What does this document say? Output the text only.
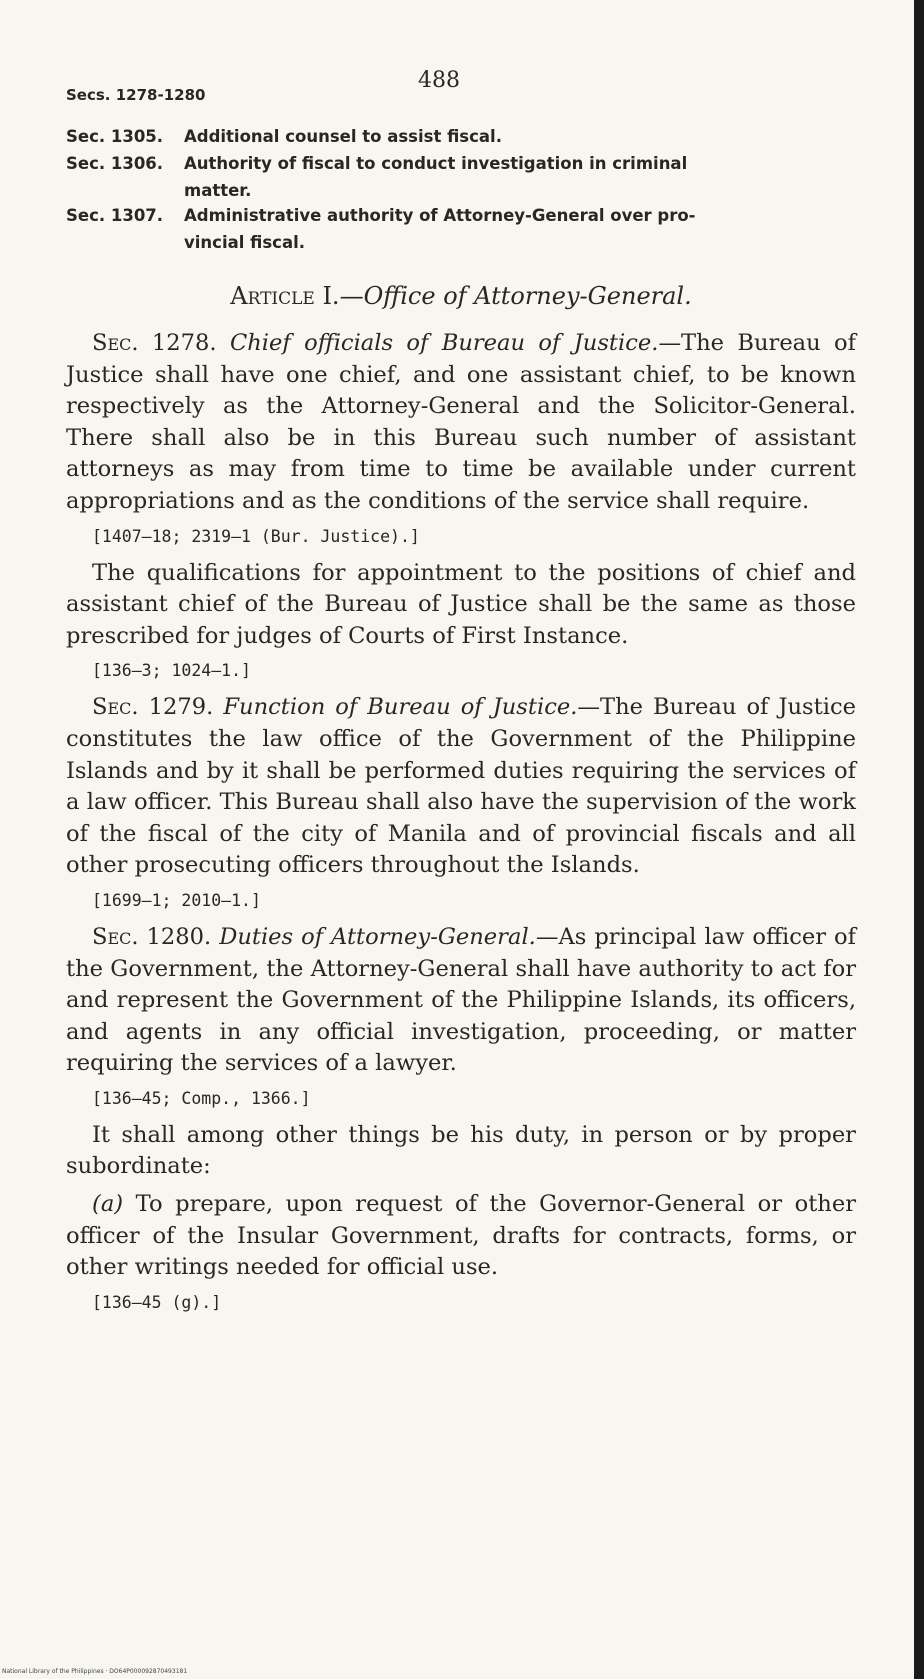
Secs. 1278-1280
488
Sec. 1305.	Additional counsel to assist fiscal.
Sec. 1306.	Authority of fiscal to conduct investigation in criminal
matter.
Sec. 1307.	Administrative authority of Attorney-General over pro-
vincial fiscal.
Article I.—Office of Attorney-General.

Sec. 1278. Chief officials of Bureau of Justice.—The Bureau of Justice shall have one chief, and one assistant chief, to be known respectively as the Attorney-General and the Solicitor-General. There shall also be in this Bureau such number of assistant attorneys as may from time to time be available under current appropriations and as the conditions of the service shall require.

[1407—18; 2319—1 (Bur. Justice).]

The qualifications for appointment to the positions of chief and assistant chief of the Bureau of Justice shall be the same as those prescribed for judges of Courts of First Instance.

[136—3; 1024—1.]

Sec. 1279. Function of Bureau of Justice.—The Bureau of Justice constitutes the law office of the Government of the Philippine Islands and by it shall be performed duties requiring the services of a law officer. This Bureau shall also have the supervision of the work of the fiscal of the city of Manila and of provincial fiscals and all other prosecuting officers throughout the Islands.

[1699—1; 2010—1.]

Sec. 1280. Duties of Attorney-General.—As principal law officer of the Government, the Attorney-General shall have authority to act for and represent the Government of the Philippine Islands, its officers, and agents in any official investigation, proceeding, or matter requiring the services of a lawyer.

[136—45; Comp., 1366.]

It shall among other things be his duty, in person or by proper subordinate:

(a) To prepare, upon request of the Governor-General or other officer of the Insular Government, drafts for contracts, forms, or other writings needed for official use.

[136—45 (g).]
National Library of the Philippines · DO64P000092870493181
